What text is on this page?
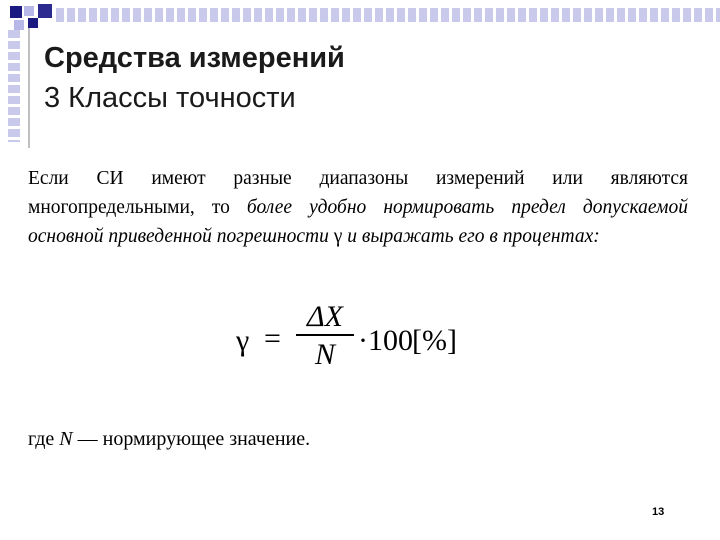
Средства измерений
3 Классы точности

Если СИ имеют разные диапазоны измерений или являются многопредельными, то более удобно нормировать предел допускаемой основной приведенной погрешности γ и выражать его в процентах:

γ =
ΔX
N ·100 [%]

где N — нормирующее значение.

13
